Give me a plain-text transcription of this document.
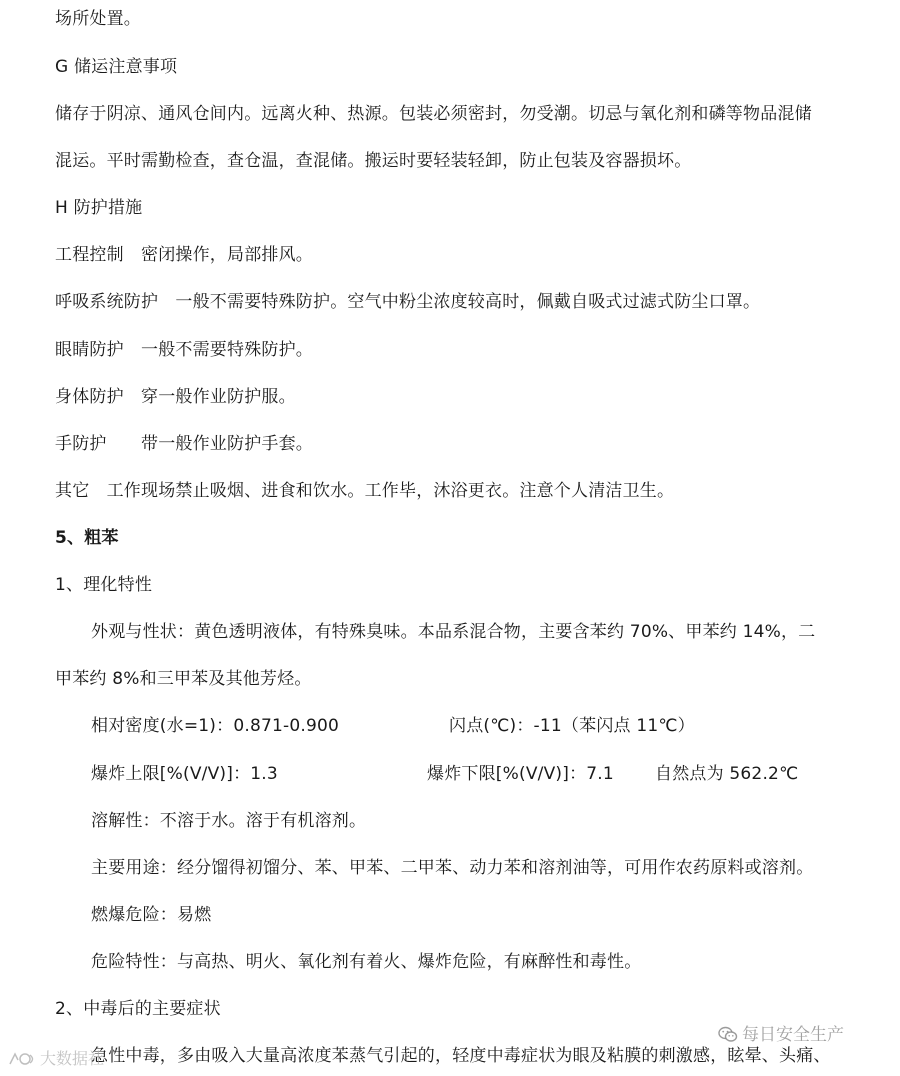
场所处置。
G 储运注意事项
储存于阴凉、通风仓间内。远离火种、热源。包装必须密封，勿受潮。切忌与氧化剂和磷等物品混储
混运。平时需勤检查，查仓温，查混储。搬运时要轻装轻卸，防止包装及容器损坏。
H 防护措施
工程控制　密闭操作，局部排风。
呼吸系统防护　一般不需要特殊防护。空气中粉尘浓度较高时，佩戴自吸式过滤式防尘口罩。
眼睛防护　一般不需要特殊防护。
身体防护　穿一般作业防护服。
手防护　　带一般作业防护手套。
其它　工作现场禁止吸烟、进食和饮水。工作毕，沐浴更衣。注意个人清洁卫生。
5、粗苯
1、理化特性
外观与性状：黄色透明液体，有特殊臭味。本品系混合物，主要含苯约 70%、甲苯约 14%，二
甲苯约 8%和三甲苯及其他芳烃。
相对密度(水=1)：0.871-0.900	闪点(℃)：-11（苯闪点 11℃）
爆炸上限[%(V/V)]：1.3	爆炸下限[%(V/V)]：7.1 自然点为 562.2℃
溶解性：不溶于水。溶于有机溶剂。
主要用途：经分馏得初馏分、苯、甲苯、二甲苯、动力苯和溶剂油等，可用作农药原料或溶剂。
燃爆危险：易燃
危险特性：与高热、明火、氧化剂有着火、爆炸危险，有麻醉性和毒性。
2、中毒后的主要症状
急性中毒，多由吸入大量高浓度苯蒸气引起的，轻度中毒症状为眼及粘膜的刺激感，眩晕、头痛、
每日安全生产
大数据社
